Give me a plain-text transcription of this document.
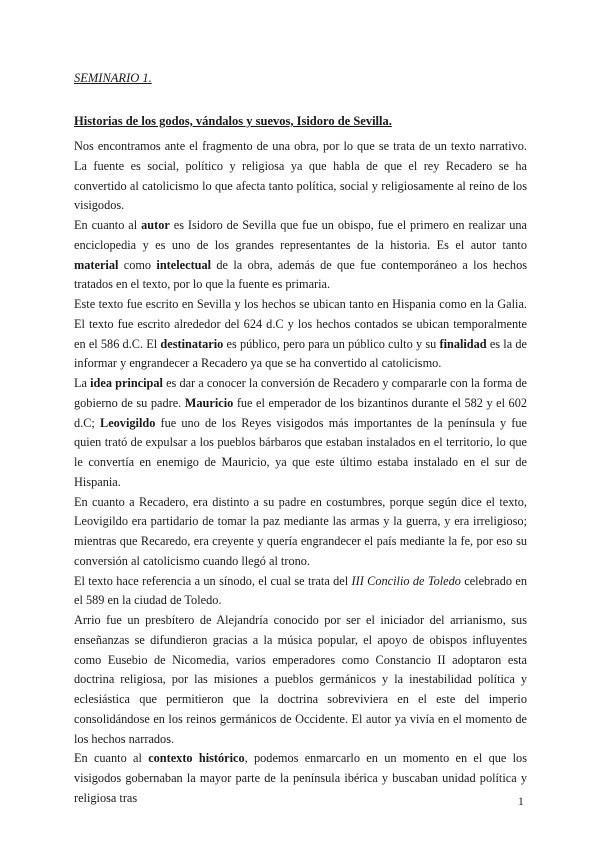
SEMINARIO 1.
Historias de los godos, vándalos y suevos, Isidoro de Sevilla.

Nos encontramos ante el fragmento de una obra, por lo que se trata de un texto narrativo. La fuente es social, político y religiosa ya que habla de que el rey Recadero se ha convertido al catolicismo lo que afecta tanto política, social y religiosamente al reino de los visigodos.

En cuanto al autor es Isidoro de Sevilla que fue un obispo, fue el primero en realizar una enciclopedia y es uno de los grandes representantes de la historia. Es el autor tanto material como intelectual de la obra, además de que fue contemporáneo a los hechos tratados en el texto, por lo que la fuente es primaria.

Este texto fue escrito en Sevilla y los hechos se ubican tanto en Hispania como en la Galia. El texto fue escrito alrededor del 624 d.C y los hechos contados se ubican temporalmente en el 586 d.C. El destinatario es público, pero para un público culto y su finalidad es la de informar y engrandecer a Recadero ya que se ha convertido al catolicismo.

La idea principal es dar a conocer la conversión de Recadero y compararle con la forma de gobierno de su padre. Mauricio fue el emperador de los bizantinos durante el 582 y el 602 d.C; Leovigildo fue uno de los Reyes visigodos más importantes de la península y fue quien trató de expulsar a los pueblos bárbaros que estaban instalados en el territorio, lo que le convertía en enemigo de Mauricio, ya que este último estaba instalado en el sur de Hispania.

En cuanto a Recadero, era distinto a su padre en costumbres, porque según dice el texto, Leovigildo era partidario de tomar la paz mediante las armas y la guerra, y era irreligioso; mientras que Recaredo, era creyente y quería engrandecer el país mediante la fe, por eso su conversión al catolicismo cuando llegó al trono.

El texto hace referencia a un sínodo, el cual se trata del III Concilio de Toledo celebrado en el 589 en la ciudad de Toledo.

Arrio fue un presbítero de Alejandría conocido por ser el iniciador del arrianismo, sus enseñanzas se difundieron gracias a la música popular, el apoyo de obispos influyentes como Eusebio de Nicomedia, varios emperadores como Constancio II adoptaron esta doctrina religiosa, por las misiones a pueblos germánicos y la inestabilidad política y eclesiástica que permitieron que la doctrina sobreviviera en el este del imperio consolidándose en los reinos germánicos de Occidente. El autor ya vivía en el momento de los hechos narrados.

En cuanto al contexto histórico, podemos enmarcarlo en un momento en el que los visigodos gobernaban la mayor parte de la península ibérica y buscaban unidad política y religiosa tras	1
